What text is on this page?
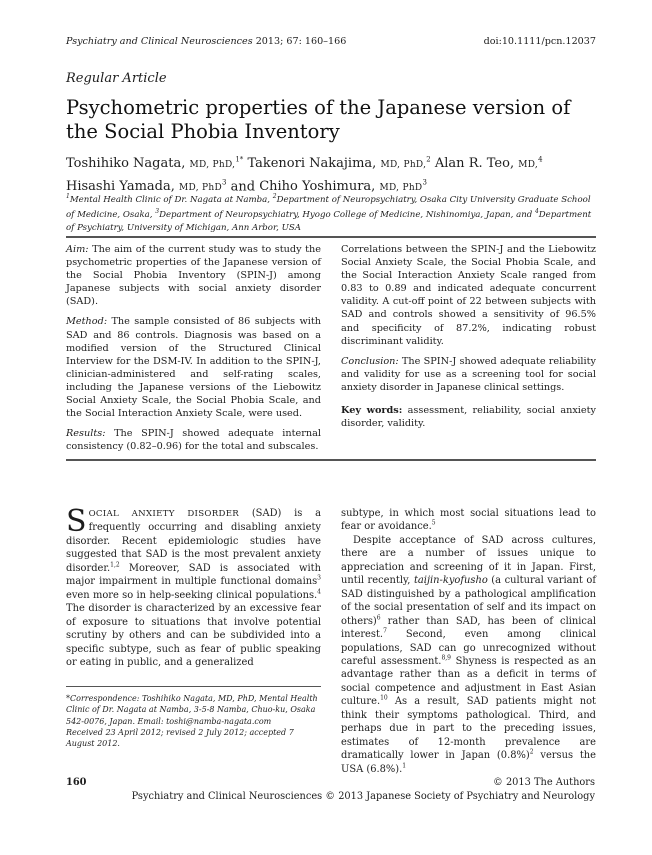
Psychiatry and Clinical Neurosciences 2013; 67: 160–166	doi:10.1111/pcn.12037
Regular Article
Psychometric properties of the Japanese version of the Social Phobia Inventory
Toshihiko Nagata, MD, PhD,$^{1*}$ Takenori Nakajima, MD, PhD,$^2$ Alan R. Teo, MD,$^4$
Hisashi Yamada, MD, PhD$^3$ and Chiho Yoshimura, MD, PhD$^3$
$^1$Mental Health Clinic of Dr. Nagata at Namba, $^2$Department of Neuropsychiatry, Osaka City University Graduate School of Medicine, Osaka, $^3$Department of Neuropsychiatry, Hyogo College of Medicine, Nishinomiya, Japan, and $^4$Department of Psychiatry, University of Michigan, Ann Arbor, USA

Aim: The aim of the current study was to study the psychometric properties of the Japanese version of the Social Phobia Inventory (SPIN-J) among Japanese subjects with social anxiety disorder (SAD).

Method: The sample consisted of 86 subjects with SAD and 86 controls. Diagnosis was based on a modified version of the Structured Clinical Interview for the DSM-IV. In addition to the SPIN-J, clinician-administered and self-rating scales, including the Japanese versions of the Liebowitz Social Anxiety Scale, the Social Phobia Scale, and the Social Interaction Anxiety Scale, were used.

Results: The SPIN-J showed adequate internal consistency (0.82–0.96) for the total and subscales.

Correlations between the SPIN-J and the Liebowitz Social Anxiety Scale, the Social Phobia Scale, and the Social Interaction Anxiety Scale ranged from 0.83 to 0.89 and indicated adequate concurrent validity. A cut-off point of 22 between subjects with SAD and controls showed a sensitivity of 96.5% and specificity of 87.2%, indicating robust discriminant validity.

Conclusion: The SPIN-J showed adequate reliability and validity for use as a screening tool for social anxiety disorder in Japanese clinical settings.

Key words: assessment, reliability, social anxiety disorder, validity.

SOCIAL ANXIETY DISORDER (SAD) is a frequently occurring and disabling anxiety disorder. Recent epidemiologic studies have suggested that SAD is the most prevalent anxiety disorder.$^{1,2}$ Moreover, SAD is associated with major impairment in multiple functional domains$^3$ even more so in help-seeking clinical populations.$^4$ The disorder is characterized by an excessive fear of exposure to situations that involve potential scrutiny by others and can be subdivided into a specific subtype, such as fear of public speaking or eating in public, and a generalized

*Correspondence: Toshihiko Nagata, MD, PhD, Mental Health Clinic of Dr. Nagata at Namba, 3-5-8 Namba, Chuo-ku, Osaka 542-0076, Japan. Email: toshi@namba-nagata.com
Received 23 April 2012; revised 2 July 2012; accepted 7 August 2012.

subtype, in which most social situations lead to fear or avoidance.$^5$

Despite acceptance of SAD across cultures, there are a number of issues unique to appreciation and screening of it in Japan. First, until recently, taijin-kyofusho (a cultural variant of SAD distinguished by a pathological amplification of the social presentation of self and its impact on others)$^6$ rather than SAD, has been of clinical interest.$^7$ Second, even among clinical populations, SAD can go unrecognized without careful assessment.$^{8,9}$ Shyness is respected as an advantage rather than as a deficit in terms of social competence and adjustment in East Asian culture.$^{10}$ As a result, SAD patients might not think their symptoms pathological. Third, and perhaps due in part to the preceding issues, estimates of 12-month prevalence are dramatically lower in Japan $(0.8\%)^2$ versus the USA (6.8%).$^1$

160	© 2013 The Authors
Psychiatry and Clinical Neurosciences © 2013 Japanese Society of Psychiatry and Neurology
